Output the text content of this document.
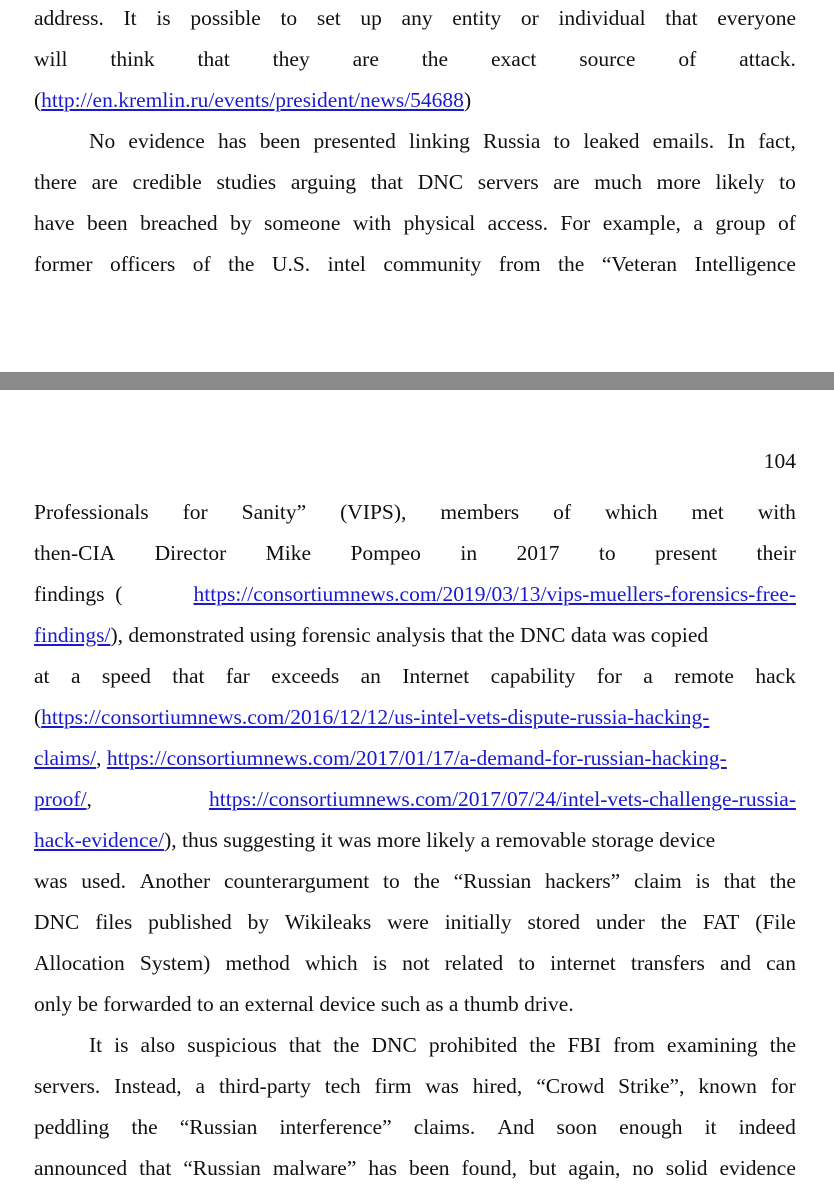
address. It is possible to set up any entity or individual that everyone
will think that they are the exact source of attack.
(http://en.kremlin.ru/events/president/news/54688)
No evidence has been presented linking Russia to leaked emails. In fact,
there are credible studies arguing that DNC servers are much more likely to
have been breached by someone with physical access. For example, a group of
former officers of the U.S. intel community from the “Veteran Intelligence
104
Professionals for Sanity” (VIPS), members of which met with
then-CIA Director Mike Pompeo in 2017 to present their
findings  (	https://consortiumnews.com/2019/03/13/vips-muellers-forensics-free-
findings/), demonstrated using forensic analysis that the DNC data was copied
at a speed that far exceeds an Internet capability for a remote hack
(https://consortiumnews.com/2016/12/12/us-intel-vets-dispute-russia-hacking-
claims/, https://consortiumnews.com/2017/01/17/a-demand-for-russian-hacking-
proof/,	https://consortiumnews.com/2017/07/24/intel-vets-challenge-russia-
hack-evidence/), thus suggesting it was more likely a removable storage device
was used. Another counterargument to the “Russian hackers” claim is that the
DNC files published by Wikileaks were initially stored under the FAT (File
Allocation System) method which is not related to internet transfers and can
only be forwarded to an external device such as a thumb drive.
It is also suspicious that the DNC prohibited the FBI from examining the
servers. Instead, a third-party tech firm was hired, “Crowd Strike”, known for
peddling the “Russian interference” claims. And soon enough it indeed
announced that “Russian malware” has been found, but again, no solid evidence
